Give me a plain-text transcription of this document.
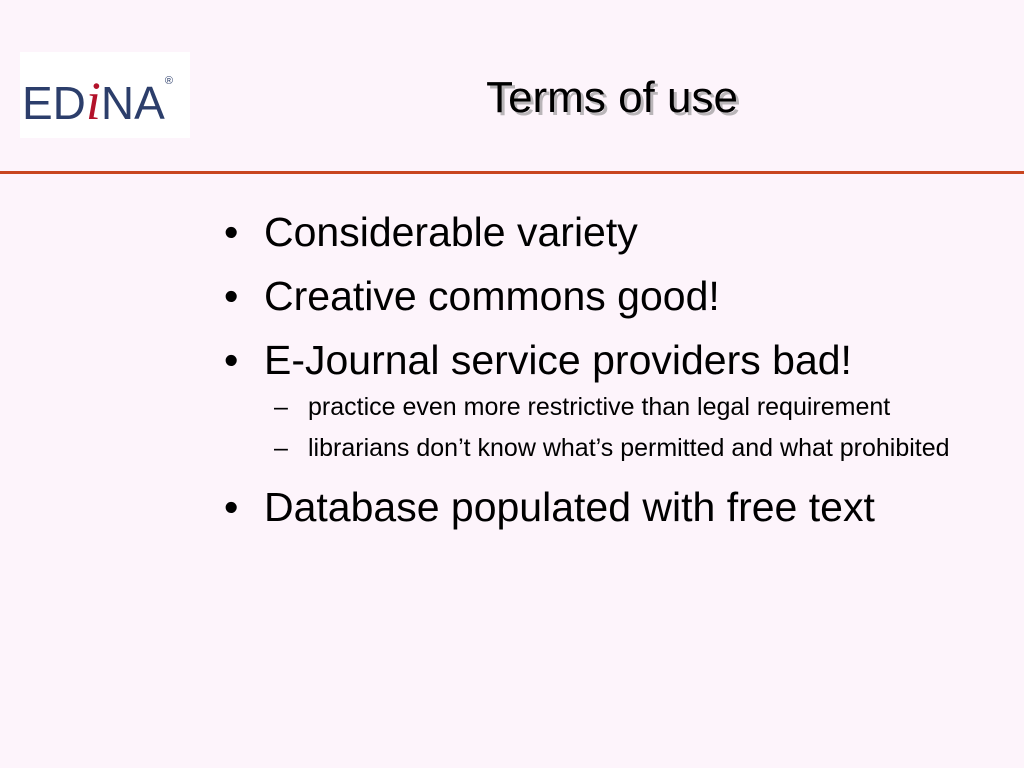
EDiNA®	Terms of use
• Considerable variety
• Creative commons good!
• E-Journal service providers bad!
– practice even more restrictive than legal requirement
– librarians don’t know what’s permitted and what prohibited
• Database populated with free text
